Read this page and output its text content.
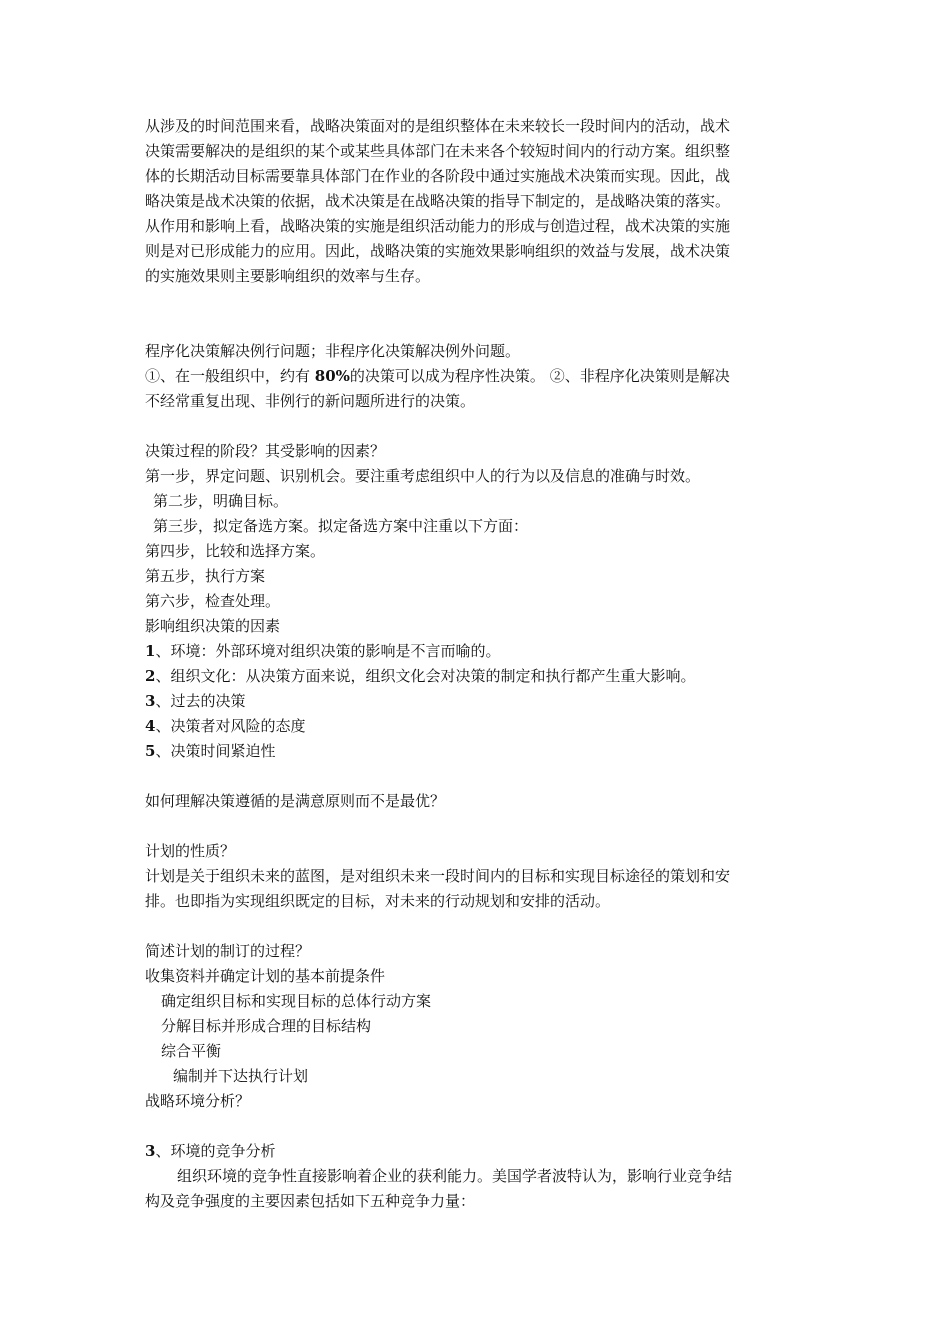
从涉及的时间范围来看，战略决策面对的是组织整体在未来较长一段时间内的活动，战术
决策需要解决的是组织的某个或某些具体部门在未来各个较短时间内的行动方案。组织整
体的长期活动目标需要靠具体部门在作业的各阶段中通过实施战术决策而实现。因此，战
略决策是战术决策的依据，战术决策是在战略决策的指导下制定的，是战略决策的落实。
从作用和影响上看，战略决策的实施是组织活动能力的形成与创造过程，战术决策的实施
则是对已形成能力的应用。因此，战略决策的实施效果影响组织的效益与发展，战术决策
的实施效果则主要影响组织的效率与生存。
程序化决策解决例行问题；非程序化决策解决例外问题。
①、在一般组织中，约有 80%的决策可以成为程序性决策。 ②、非程序化决策则是解决
不经常重复出现、非例行的新问题所进行的决策。
决策过程的阶段？其受影响的因素？
第一步，界定问题、识别机会。要注重考虑组织中人的行为以及信息的准确与时效。
第二步，明确目标。
第三步，拟定备选方案。拟定备选方案中注重以下方面：
第四步，比较和选择方案。
第五步，执行方案
第六步，检查处理。
影响组织决策的因素
1、环境：外部环境对组织决策的影响是不言而喻的。
2、组织文化：从决策方面来说，组织文化会对决策的制定和执行都产生重大影响。
3、过去的决策
4、决策者对风险的态度
5、决策时间紧迫性
如何理解决策遵循的是满意原则而不是最优？
计划的性质？
计划是关于组织未来的蓝图，是对组织未来一段时间内的目标和实现目标途径的策划和安
排。也即指为实现组织既定的目标，对未来的行动规划和安排的活动。
简述计划的制订的过程？
收集资料并确定计划的基本前提条件
确定组织目标和实现目标的总体行动方案
分解目标并形成合理的目标结构
综合平衡
编制并下达执行计划
战略环境分析？
3、环境的竞争分析
组织环境的竞争性直接影响着企业的获利能力。美国学者波特认为，影响行业竞争结
构及竞争强度的主要因素包括如下五种竞争力量：
